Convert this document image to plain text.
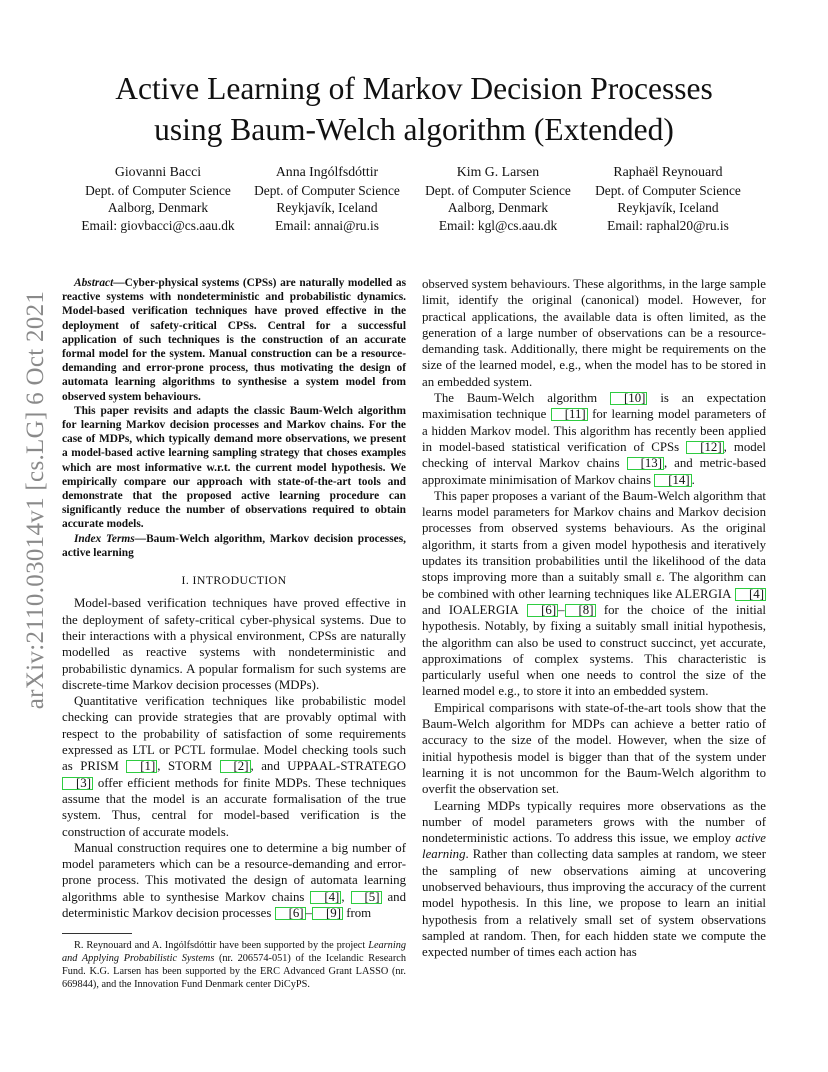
Active Learning of Markov Decision Processes
using Baum-Welch algorithm (Extended)
Giovanni Bacci
Dept. of Computer Science
Aalborg, Denmark
Email: giovbacci@cs.aau.dk
Anna Ingólfsdóttir
Dept. of Computer Science
Reykjavík, Iceland
Email: annai@ru.is
Kim G. Larsen
Dept. of Computer Science
Aalborg, Denmark
Email: kgl@cs.aau.dk
Raphaël Reynouard
Dept. of Computer Science
Reykjavík, Iceland
Email: raphal20@ru.is
arXiv:2110.03014v1 [cs.LG] 6 Oct 2021

Abstract—Cyber-physical systems (CPSs) are naturally modelled as reactive systems with nondeterministic and probabilistic dynamics. Model-based verification techniques have proved effective in the deployment of safety-critical CPSs. Central for a successful application of such techniques is the construction of an accurate formal model for the system. Manual construction can be a resource-demanding and error-prone process, thus motivating the design of automata learning algorithms to synthesise a system model from observed system behaviours.

This paper revisits and adapts the classic Baum-Welch algorithm for learning Markov decision processes and Markov chains. For the case of MDPs, which typically demand more observations, we present a model-based active learning sampling strategy that choses examples which are most informative w.r.t. the current model hypothesis. We empirically compare our approach with state-of-the-art tools and demonstrate that the proposed active learning procedure can significantly reduce the number of observations required to obtain accurate models.

Index Terms—Baum-Welch algorithm, Markov decision processes, active learning

I. INTRODUCTION

Model-based verification techniques have proved effective in the deployment of safety-critical cyber-physical systems. Due to their interactions with a physical environment, CPSs are naturally modelled as reactive systems with nondeterministic and probabilistic dynamics. A popular formalism for such systems are discrete-time Markov decision processes (MDPs).

Quantitative verification techniques like probabilistic model checking can provide strategies that are provably optimal with respect to the probability of satisfaction of some requirements expressed as LTL or PCTL formulae. Model checking tools such as PRISM [1] , STORM [2] , and UPPAAL-STRATEGO [3] offer efficient methods for finite MDPs. These techniques assume that the model is an accurate formalisation of the true system. Thus, central for model-based verification is the construction of accurate models.

Manual construction requires one to determine a big number of model parameters which can be a resource-demanding and error-prone process. This motivated the design of automata learning algorithms able to synthesise Markov chains [4] , [5] and deterministic Markov decision processes [6] – [9] from

R. Reynouard and A. Ingólfsdóttir have been supported by the project Learning and Applying Probabilistic Systems (nr. 206574-051) of the Icelandic Research Fund. K.G. Larsen has been supported by the ERC Advanced Grant LASSO (nr. 669844), and the Innovation Fund Denmark center DiCyPS.

observed system behaviours. These algorithms, in the large sample limit, identify the original (canonical) model. However, for practical applications, the available data is often limited, as the generation of a large number of observations can be a resource-demanding task. Additionally, there might be requirements on the size of the learned model, e.g., when the model has to be stored in an embedded system.

The Baum-Welch algorithm [10] is an expectation maximisation technique [11] for learning model parameters of a hidden Markov model. This algorithm has recently been applied in model-based statistical verification of CPSs [12] , model checking of interval Markov chains [13] , and metric-based approximate minimisation of Markov chains [14] .

This paper proposes a variant of the Baum-Welch algorithm that learns model parameters for Markov chains and Markov decision processes from observed systems behaviours. As the original algorithm, it starts from a given model hypothesis and iteratively updates its transition probabilities until the likelihood of the data stops improving more than a suitably small ε. The algorithm can be combined with other learning techniques like ALERGIA [4] and IOALERGIA [6] – [8] for the choice of the initial hypothesis. Notably, by fixing a suitably small initial hypothesis, the algorithm can also be used to construct succinct, yet accurate, approximations of complex systems. This characteristic is particularly useful when one needs to control the size of the learned model e.g., to store it into an embedded system.

Empirical comparisons with state-of-the-art tools show that the Baum-Welch algorithm for MDPs can achieve a better ratio of accuracy to the size of the model. However, when the size of initial hypothesis model is bigger than that of the system under learning it is not uncommon for the Baum-Welch algorithm to overfit the observation set.

Learning MDPs typically requires more observations as the number of model parameters grows with the number of nondeterministic actions. To address this issue, we employ active learning. Rather than collecting data samples at random, we steer the sampling of new observations aiming at uncovering unobserved behaviours, thus improving the accuracy of the current model hypothesis. In this line, we propose to learn an initial hypothesis from a relatively small set of system observations sampled at random. Then, for each hidden state we compute the expected number of times each action has
